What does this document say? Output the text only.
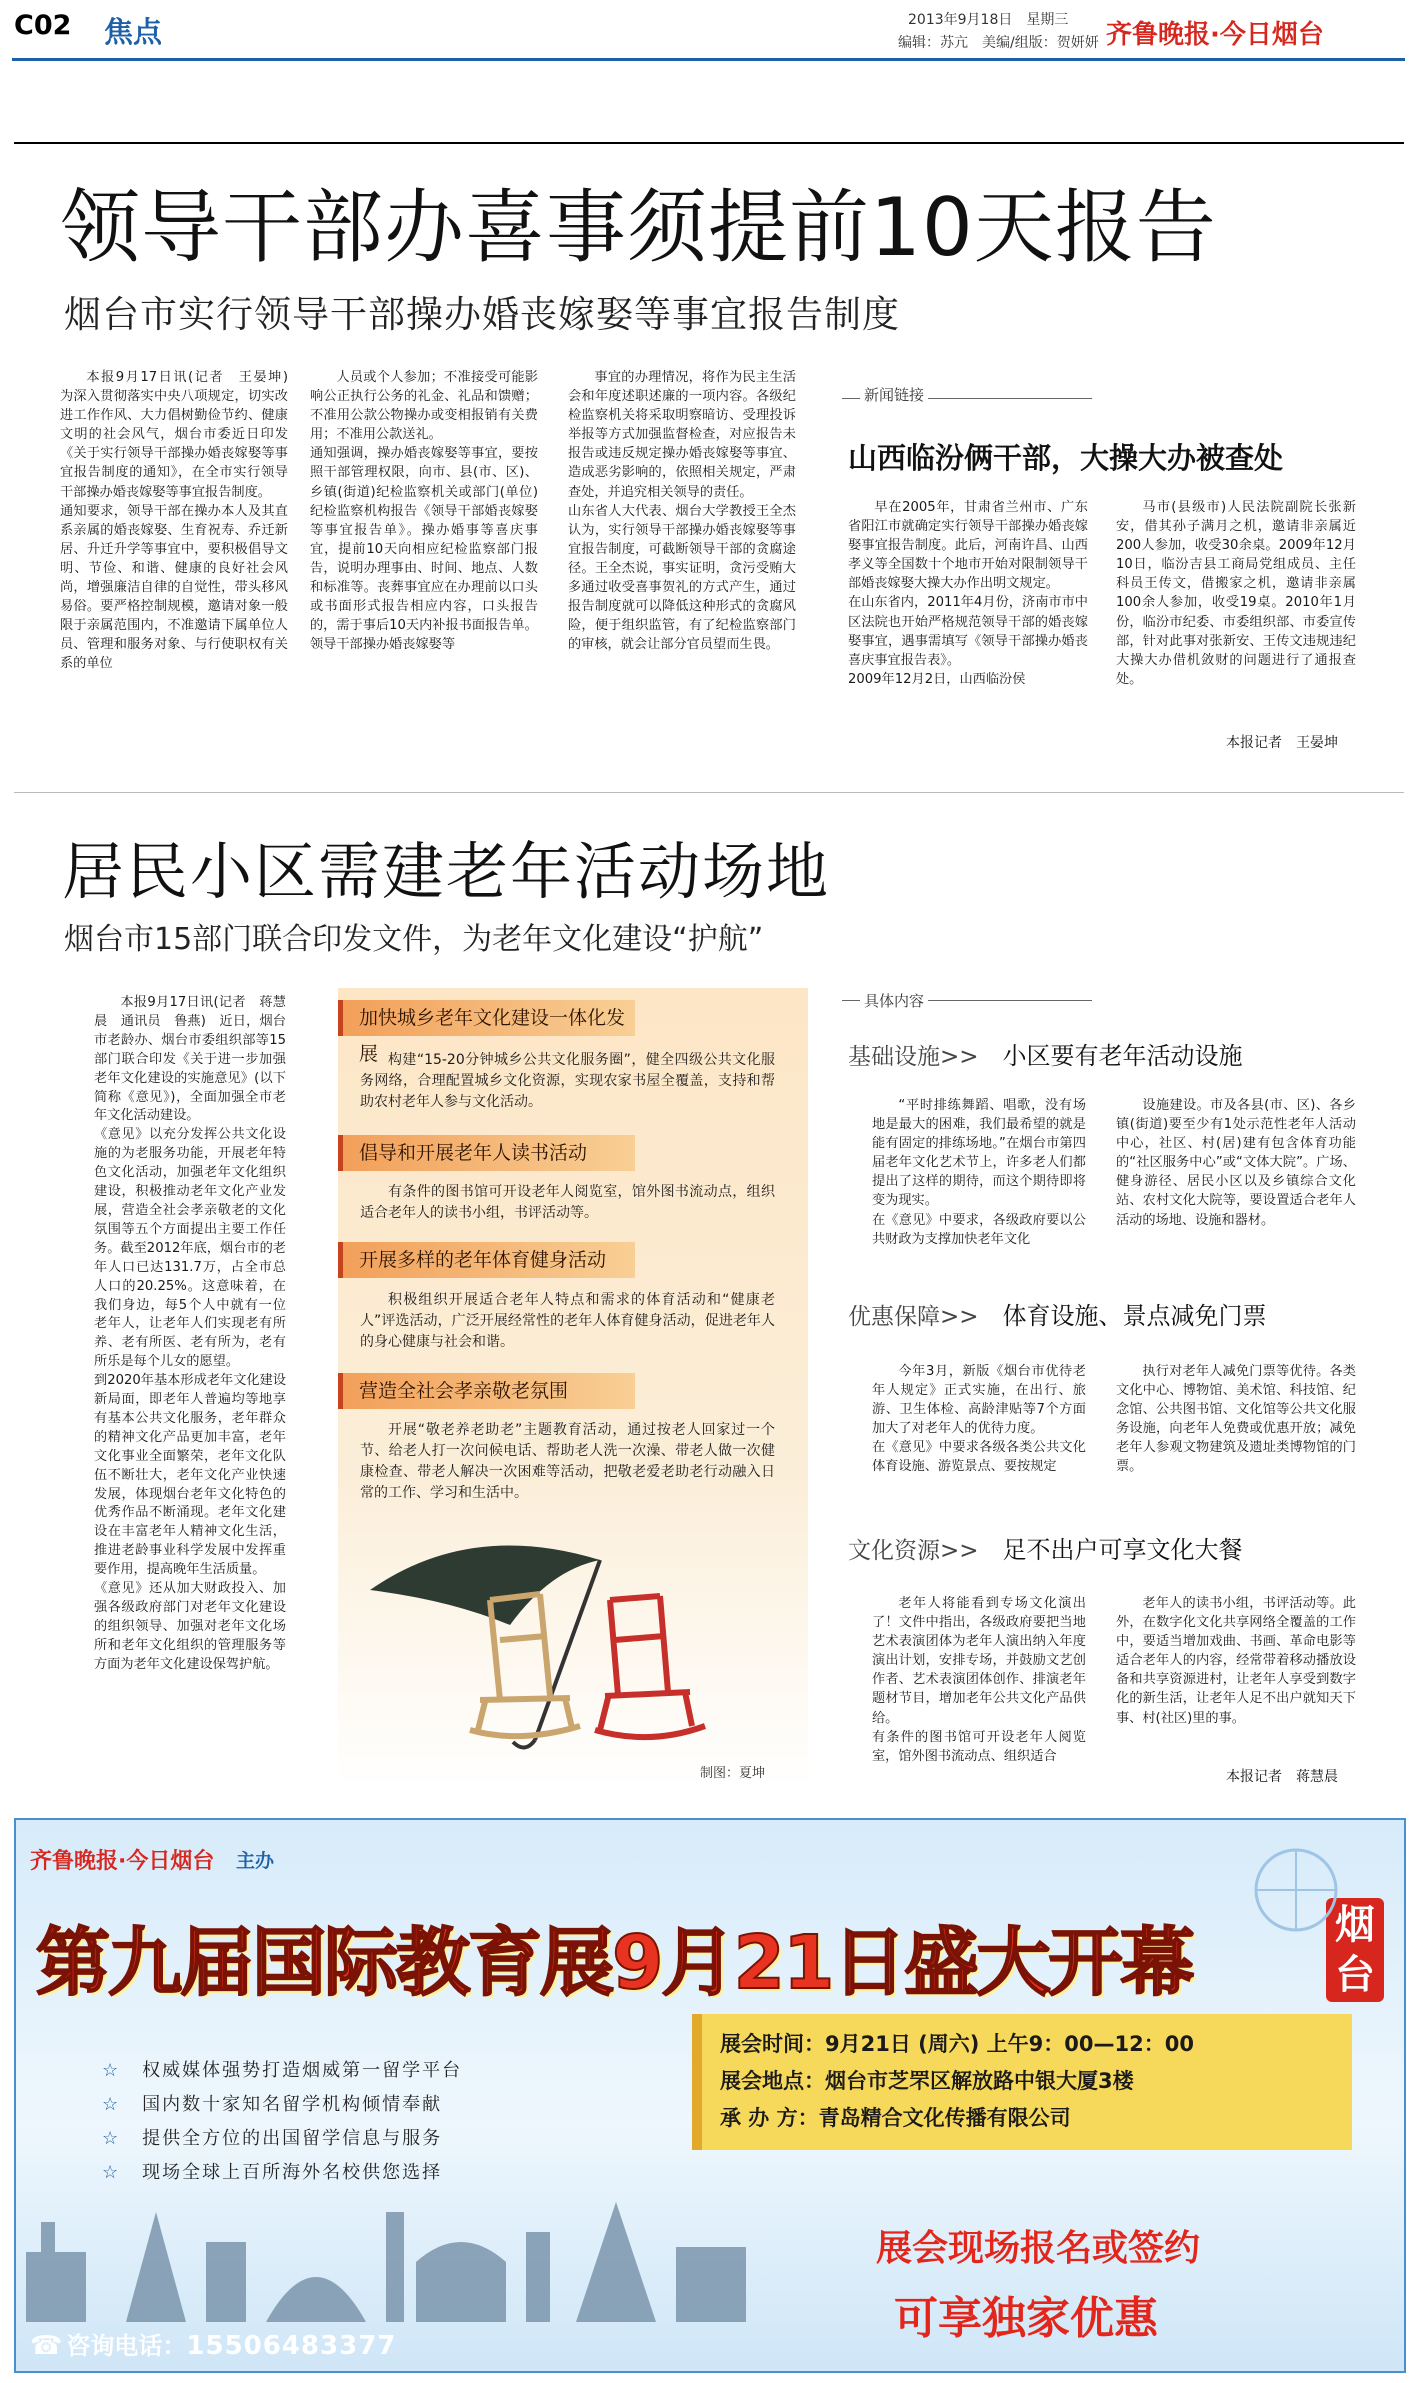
C02 焦点	2013年9月18日　星期三
编辑：苏亢　美编/组版：贺妍妍 齐鲁晚报·今日烟台
领导干部办喜事须提前10天报告
烟台市实行领导干部操办婚丧嫁娶等事宜报告制度
本报9月17日讯(记者　王晏坤)　为深入贯彻落实中央八项规定，切实改进工作作风、大力倡树勤俭节约、健康文明的社会风气，烟台市委近日印发《关于实行领导干部操办婚丧嫁娶等事宜报告制度的通知》，在全市实行领导干部操办婚丧嫁娶等事宜报告制度。
通知要求，领导干部在操办本人及其直系亲属的婚丧嫁娶、生育祝寿、乔迁新居、升迁升学等事宜中，要积极倡导文明、节俭、和谐、健康的良好社会风尚，增强廉洁自律的自觉性，带头移风易俗。要严格控制规模，邀请对象一般限于亲属范围内，不准邀请下属单位人员、管理和服务对象、与行使职权有关系的单位
人员或个人参加；不准接受可能影响公正执行公务的礼金、礼品和馈赠；不准用公款公物操办或变相报销有关费用；不准用公款送礼。
通知强调，操办婚丧嫁娶等事宜，要按照干部管理权限，向市、县(市、区)、乡镇(街道)纪检监察机关或部门(单位)纪检监察机构报告《领导干部婚丧嫁娶等事宜报告单》。操办婚事等喜庆事宜，提前10天向相应纪检监察部门报告，说明办理事由、时间、地点、人数和标准等。丧葬事宜应在办理前以口头或书面形式报告相应内容，口头报告的，需于事后10天内补报书面报告单。
领导干部操办婚丧嫁娶等
事宜的办理情况，将作为民主生活会和年度述职述廉的一项内容。各级纪检监察机关将采取明察暗访、受理投诉举报等方式加强监督检查，对应报告未报告或违反规定操办婚丧嫁娶等事宜、造成恶劣影响的，依照相关规定，严肃查处，并追究相关领导的责任。
山东省人大代表、烟台大学教授王全杰认为，实行领导干部操办婚丧嫁娶等事宜报告制度，可截断领导干部的贪腐途径。王全杰说，事实证明，贪污受贿大多通过收受喜事贺礼的方式产生，通过报告制度就可以降低这种形式的贪腐风险，便于组织监管，有了纪检监察部门的审核，就会让部分官员望而生畏。
新闻链接
山西临汾俩干部，大操大办被查处
早在2005年，甘肃省兰州市、广东省阳江市就确定实行领导干部操办婚丧嫁娶事宜报告制度。此后，河南许昌、山西孝义等全国数十个地市开始对限制领导干部婚丧嫁娶大操大办作出明文规定。
在山东省内，2011年4月份，济南市市中区法院也开始严格规范领导干部的婚丧嫁娶事宜，遇事需填写《领导干部操办婚丧喜庆事宜报告表》。
2009年12月2日，山西临汾侯
马市(县级市)人民法院副院长张新安，借其孙子满月之机，邀请非亲属近200人参加，收受30余桌。2009年12月10日，临汾吉县工商局党组成员、主任科员王传文，借搬家之机，邀请非亲属100余人参加，收受19桌。2010年1月份，临汾市纪委、市委组织部、市委宣传部，针对此事对张新安、王传文违规违纪大操大办借机敛财的问题进行了通报查处。
本报记者　王晏坤
居民小区需建老年活动场地
烟台市15部门联合印发文件，为老年文化建设“护航”
本报9月17日讯(记者　蒋慧晨　通讯员　鲁燕)　近日，烟台市老龄办、烟台市委组织部等15部门联合印发《关于进一步加强老年文化建设的实施意见》(以下简称《意见》)，全面加强全市老年文化活动建设。
《意见》以充分发挥公共文化设施的为老服务功能，开展老年特色文化活动，加强老年文化组织建设，积极推动老年文化产业发展，营造全社会孝亲敬老的文化氛围等五个方面提出主要工作任务。截至2012年底，烟台市的老年人口已达131.7万，占全市总人口的20.25%。这意味着，在我们身边，每5个人中就有一位老年人，让老年人们实现老有所养、老有所医、老有所为，老有所乐是每个儿女的愿望。
到2020年基本形成老年文化建设新局面，即老年人普遍均等地享有基本公共文化服务，老年群众的精神文化产品更加丰富，老年文化事业全面繁荣，老年文化队伍不断壮大，老年文化产业快速发展，体现烟台老年文化特色的优秀作品不断涌现。老年文化建设在丰富老年人精神文化生活，推进老龄事业科学发展中发挥重要作用，提高晚年生活质量。
《意见》还从加大财政投入、加强各级政府部门对老年文化建设的组织领导、加强对老年文化场所和老年文化组织的管理服务等方面为老年文化建设保驾护航。
加快城乡老年文化建设一体化发展 构建“15-20分钟城乡公共文化服务圈”，健全四级公共文化服务网络，合理配置城乡文化资源，实现农家书屋全覆盖，支持和帮助农村老年人参与文化活动。
倡导和开展老年人读书活动
有条件的图书馆可开设老年人阅览室，馆外图书流动点，组织适合老年人的读书小组，书评活动等。
开展多样的老年体育健身活动
积极组织开展适合老年人特点和需求的体育活动和“健康老人”评选活动，广泛开展经常性的老年人体育健身活动，促进老年人的身心健康与社会和谐。
营造全社会孝亲敬老氛围
开展“敬老养老助老”主题教育活动，通过按老人回家过一个节、给老人打一次问候电话、帮助老人洗一次澡、带老人做一次健康检查、带老人解决一次困难等活动，把敬老爱老助老行动融入日常的工作、学习和生活中。
制图：夏坤
具体内容
基础设施>>　 小区要有老年活动设施
“平时排练舞蹈、唱歌，没有场地是最大的困难，我们最希望的就是能有固定的排练场地。”在烟台市第四届老年文化艺术节上，许多老人们都提出了这样的期待，而这个期待即将变为现实。
在《意见》中要求，各级政府要以公共财政为支撑加快老年文化
设施建设。市及各县(市、区)、各乡镇(街道)要至少有1处示范性老年人活动中心，社区、村(居)建有包含体育功能的“社区服务中心”或“文体大院”。广场、健身游径、居民小区以及乡镇综合文化站、农村文化大院等，要设置适合老年人活动的场地、设施和器材。
优惠保障>>　 体育设施、景点减免门票
今年3月，新版《烟台市优待老年人规定》正式实施，在出行、旅游、卫生体检、高龄津贴等7个方面加大了对老年人的优待力度。
在《意见》中要求各级各类公共文化体育设施、游览景点、要按规定
执行对老年人减免门票等优待。各类文化中心、博物馆、美术馆、科技馆、纪念馆、公共图书馆、文化馆等公共文化服务设施，向老年人免费或优惠开放；减免老年人参观文物建筑及遗址类博物馆的门票。
文化资源>>　 足不出户可享文化大餐
老年人将能看到专场文化演出了！文件中指出，各级政府要把当地艺术表演团体为老年人演出纳入年度演出计划，安排专场，并鼓励文艺创作者、艺术表演团体创作、排演老年题材节目，增加老年公共文化产品供给。
有条件的图书馆可开设老年人阅览室，馆外图书流动点、组织适合
老年人的读书小组，书评活动等。此外，在数字化文化共享网络全覆盖的工作中，要适当增加戏曲、书画、革命电影等适合老年人的内容，经常带着移动播放设备和共享资源进村，让老年人享受到数字化的新生活，让老年人足不出户就知天下事、村(社区)里的事。
本报记者　蒋慧晨
齐鲁晚报·今日烟台 主办
第九届国际教育展9月21日盛大开幕	烟台
☆ 权威媒体强势打造烟威第一留学平台
☆ 国内数十家知名留学机构倾情奉献
☆ 提供全方位的出国留学信息与服务
☆ 现场全球上百所海外名校供您选择
展会时间：9月21日 (周六) 上午9：00—12：00
展会地点：烟台市芝罘区解放路中银大厦3楼
承 办 方：青岛精合文化传播有限公司
展会现场报名或签约
可享独家优惠
☎ 咨询电话：15506483377
